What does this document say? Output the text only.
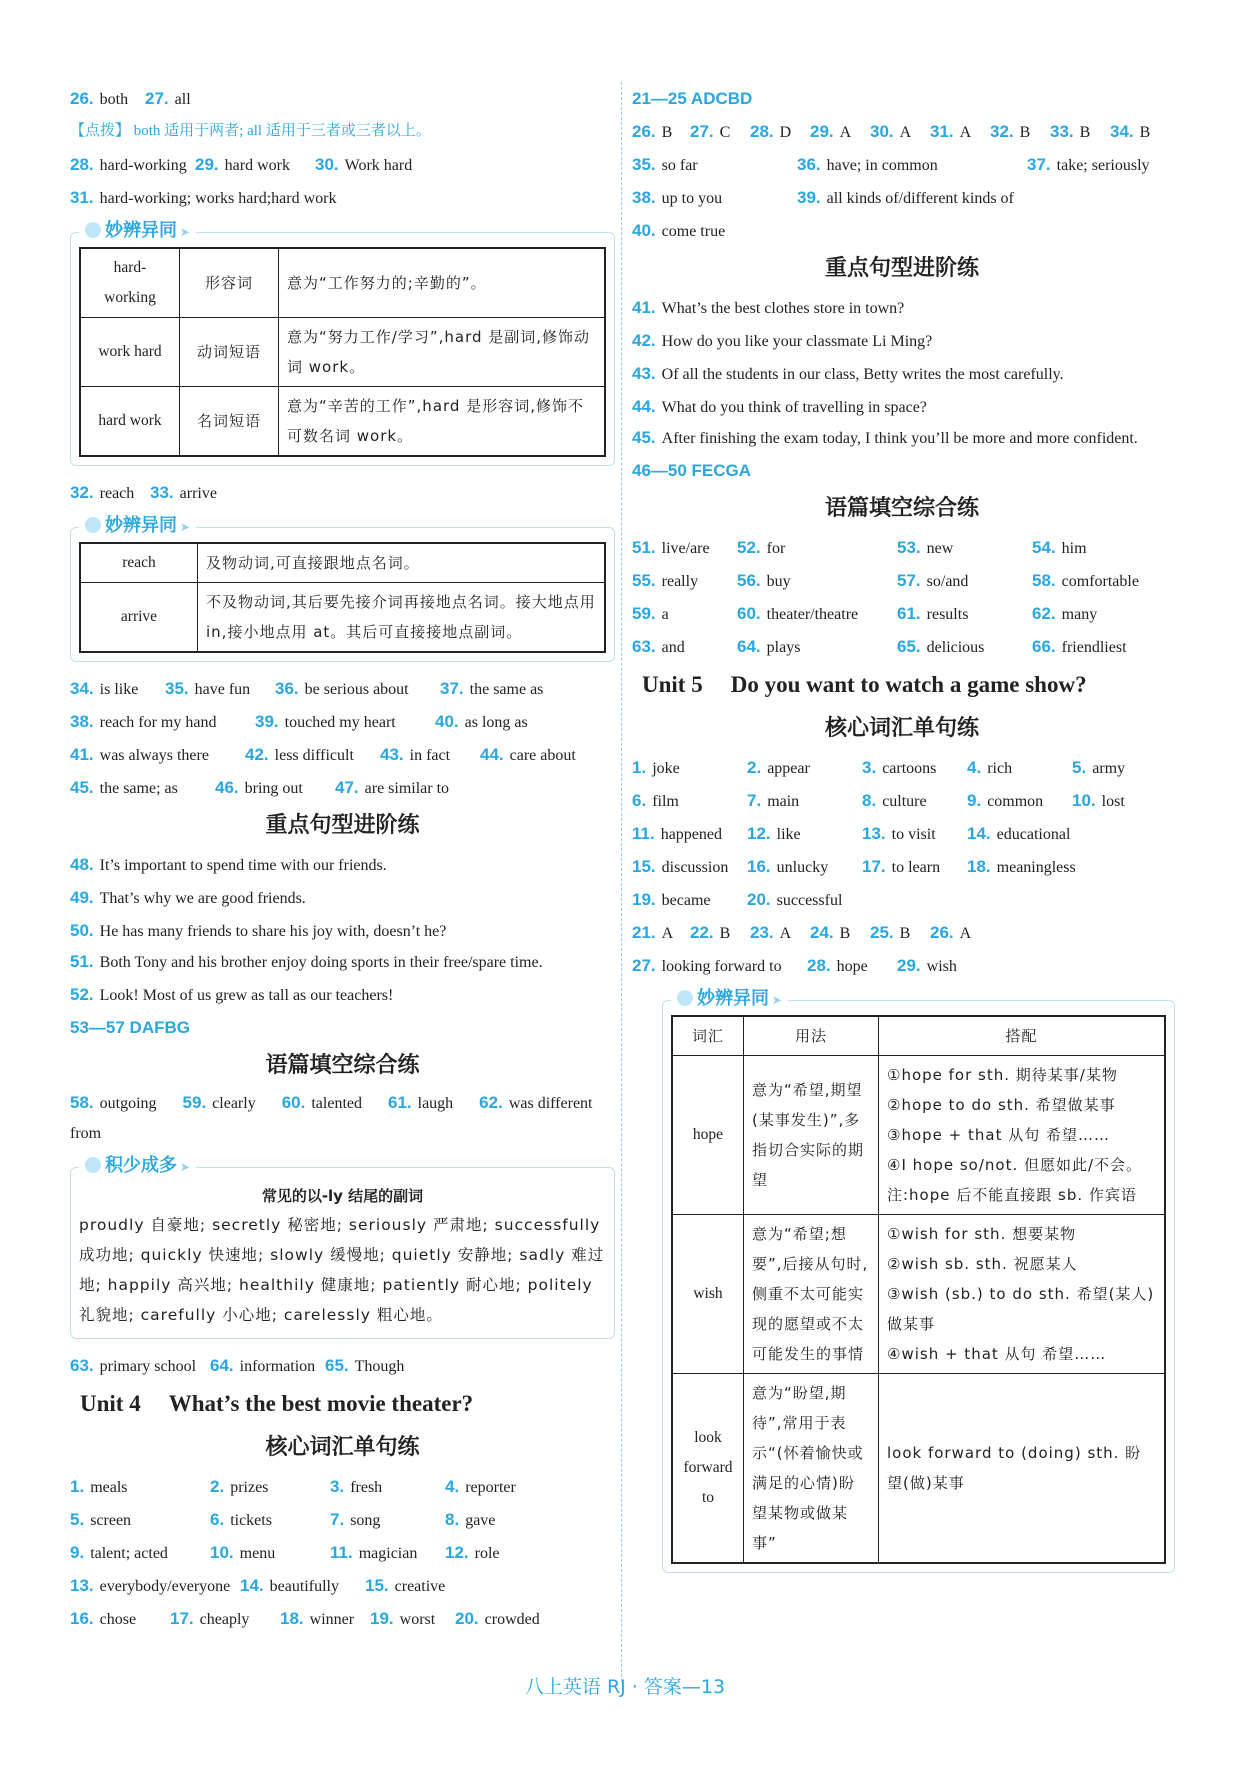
26. both 27. all
【点拨】 both 适用于两者; all 适用于三者或三者以上。
28. hard-working 29. hard work 30. Work hard
31. hard-working; works hard;hard work
妙辨异同 ➤
hard-working	形容词	意为“工作努力的;辛勤的”。
work hard	动词短语	意为“努力工作/学习”,hard 是副词,修饰动词 work。
hard work	名词短语	意为“辛苦的工作”,hard 是形容词,修饰不可数名词 work。
32. reach 33. arrive
妙辨异同 ➤
reach	及物动词,可直接跟地点名词。
arrive	不及物动词,其后要先接介词再接地点名词。接大地点用 in,接小地点用 at。其后可直接接地点副词。
34. is like 35. have fun 36. be serious about 37. the same as
38. reach for my hand 39. touched my heart 40. as long as
41. was always there 42. less difficult 43. in fact 44. care about
45. the same; as 46. bring out 47. are similar to
重点句型进阶练
48. It’s important to spend time with our friends.
49. That’s why we are good friends.
50. He has many friends to share his joy with, doesn’t he?
51. Both Tony and his brother enjoy doing sports in their free/spare time.
52. Look! Most of us grew as tall as our teachers!
53—57 DAFBG
语篇填空综合练
58. outgoing 59. clearly 60. talented 61. laugh 62. was different from
积少成多 ➤
常见的以-ly 结尾的副词
proudly 自豪地; secretly 秘密地; seriously 严肃地; successfully 成功地; quickly 快速地; slowly 缓慢地; quietly 安静地; sadly 难过地; happily 高兴地; healthily 健康地; patiently 耐心地; politely 礼貌地; carefully 小心地; carelessly 粗心地。
63. primary school 64. information 65. Though
Unit 4 What’s the best movie theater?
核心词汇单句练
1. meals	2. prizes	3. fresh	4. reporter
5. screen	6. tickets	7. song	8. gave
9. talent; acted 10. menu	11. magician 12. role
13. everybody/everyone 14. beautifully 15. creative
16. chose 17. cheaply 18. winner 19. worst 20. crowded
21—25 ADCBD
26. B 27. C 28. D 29. A 30. A 31. A 32. B 33. B 34. B
35. so far	36. have; in common	37. take; seriously
38. up to you	39. all kinds of/different kinds of
40. come true
重点句型进阶练
41. What’s the best clothes store in town?
42. How do you like your classmate Li Ming?
43. Of all the students in our class, Betty writes the most carefully.
44. What do you think of travelling in space?
45. After finishing the exam today, I think you’ll be more and more confident.
46—50 FECGA
语篇填空综合练
51. live/are 52. for	53. new	54. him
55. really 56. buy	57. so/and	58. comfortable
59. a	60. theater/theatre 61. results	62. many
63. and	64. plays	65. delicious	66. friendliest
Unit 5 Do you want to watch a game show?
核心词汇单句练
1. joke	2. appear	3. cartoons 4. rich	5. army
6. film	7. main	8. culture 9. common 10. lost
11. happened 12. like	13. to visit 14. educational
15. discussion 16. unlucky 17. to learn 18. meaningless
19. became 20. successful
21. A 22. B 23. A 24. B 25. B 26. A
27. looking forward to 28. hope 29. wish
妙辨异同 ➤
词汇	用法	搭配
hope	意为“希望,期望(某事发生)”,多指切合实际的期望	①hope for sth. 期待某事/某物
②hope to do sth. 希望做某事
③hope + that 从句 希望……
④I hope so/not. 但愿如此/不会。
注:hope 后不能直接跟 sb. 作宾语

wish	意为“希望;想要”,后接从句时,侧重不太可能实现的愿望或不太可能发生的事情	①wish for sth. 想要某物
②wish sb. sth. 祝愿某人
③wish (sb.) to do sth. 希望(某人)做某事
④wish + that 从句 希望……

look
forward
to	意为“盼望,期待”,常用于表示“(怀着愉快或满足的心情)盼望某物或做某事”	look forward to (doing) sth. 盼望(做)某事
八上英语 RJ · 答案—13
